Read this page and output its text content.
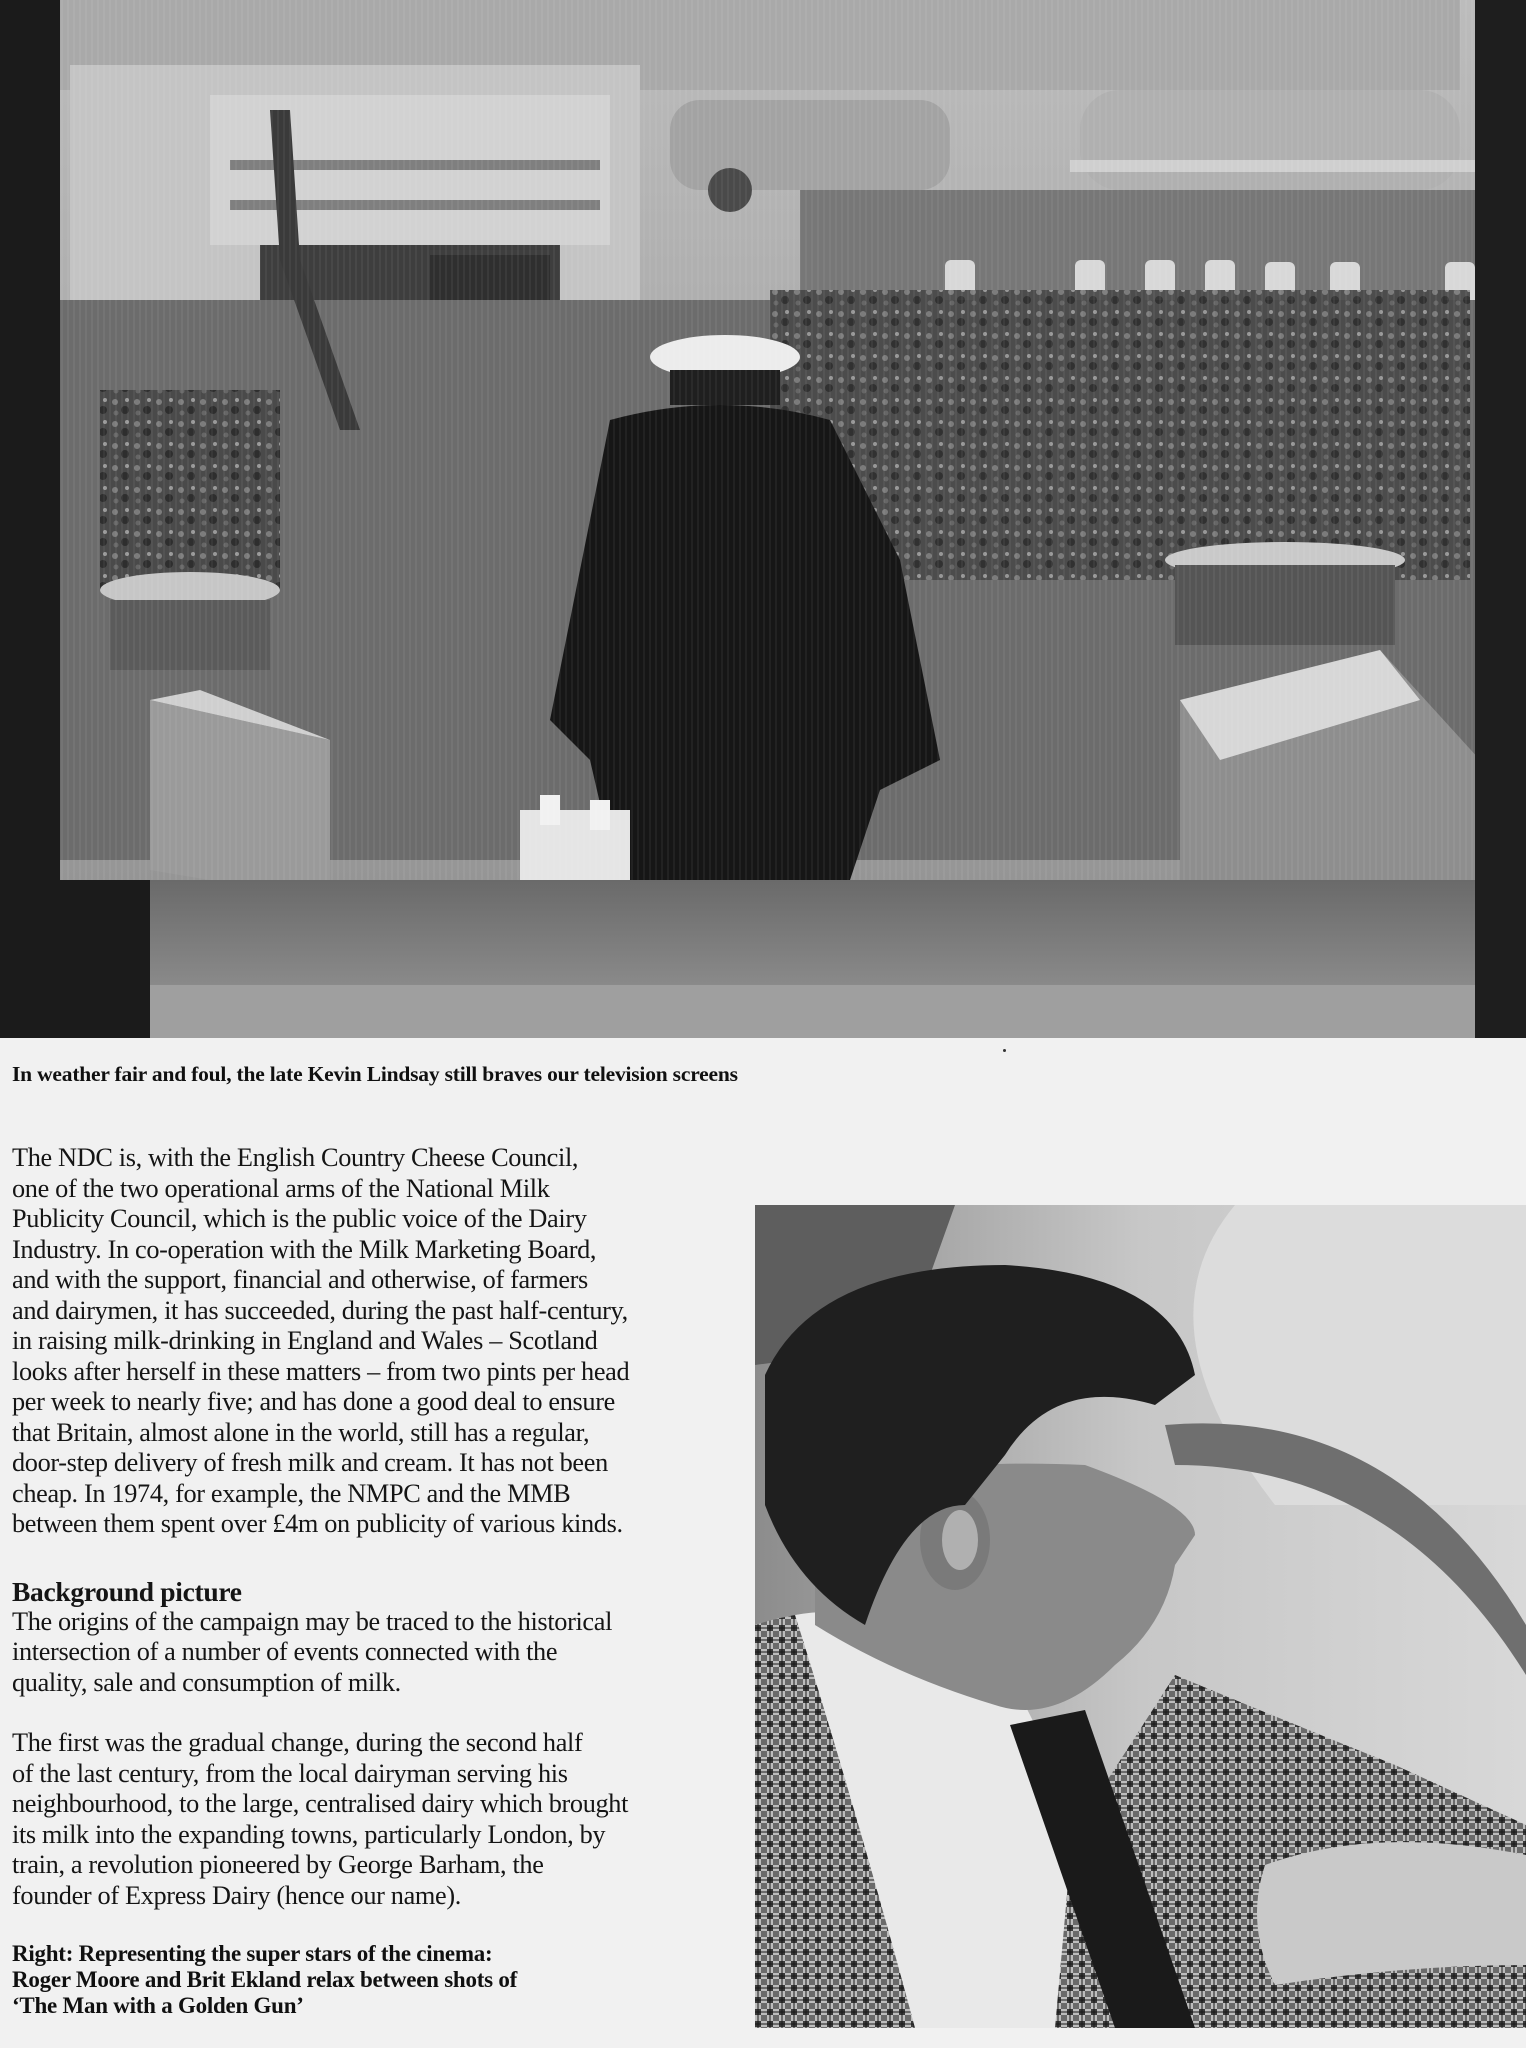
In weather fair and foul, the late Kevin Lindsay still braves our television screens

The NDC is, with the English Country Cheese Council,
one of the two operational arms of the National Milk
Publicity Council, which is the public voice of the Dairy
Industry. In co-operation with the Milk Marketing Board,
and with the support, financial and otherwise, of farmers
and dairymen, it has succeeded, during the past half-century,
in raising milk-drinking in England and Wales – Scotland
looks after herself in these matters – from two pints per head
per week to nearly five; and has done a good deal to ensure
that Britain, almost alone in the world, still has a regular,
door-step delivery of fresh milk and cream. It has not been
cheap. In 1974, for example, the NMPC and the MMB
between them spent over £4m on publicity of various kinds.

Background picture

The origins of the campaign may be traced to the historical
intersection of a number of events connected with the
quality, sale and consumption of milk.

The first was the gradual change, during the second half
of the last century, from the local dairyman serving his
neighbourhood, to the large, centralised dairy which brought
its milk into the expanding towns, particularly London, by
train, a revolution pioneered by George Barham, the
founder of Express Dairy (hence our name).

Right: Representing the super stars of the cinema:
Roger Moore and Brit Ekland relax between shots of
‘The Man with a Golden Gun’
